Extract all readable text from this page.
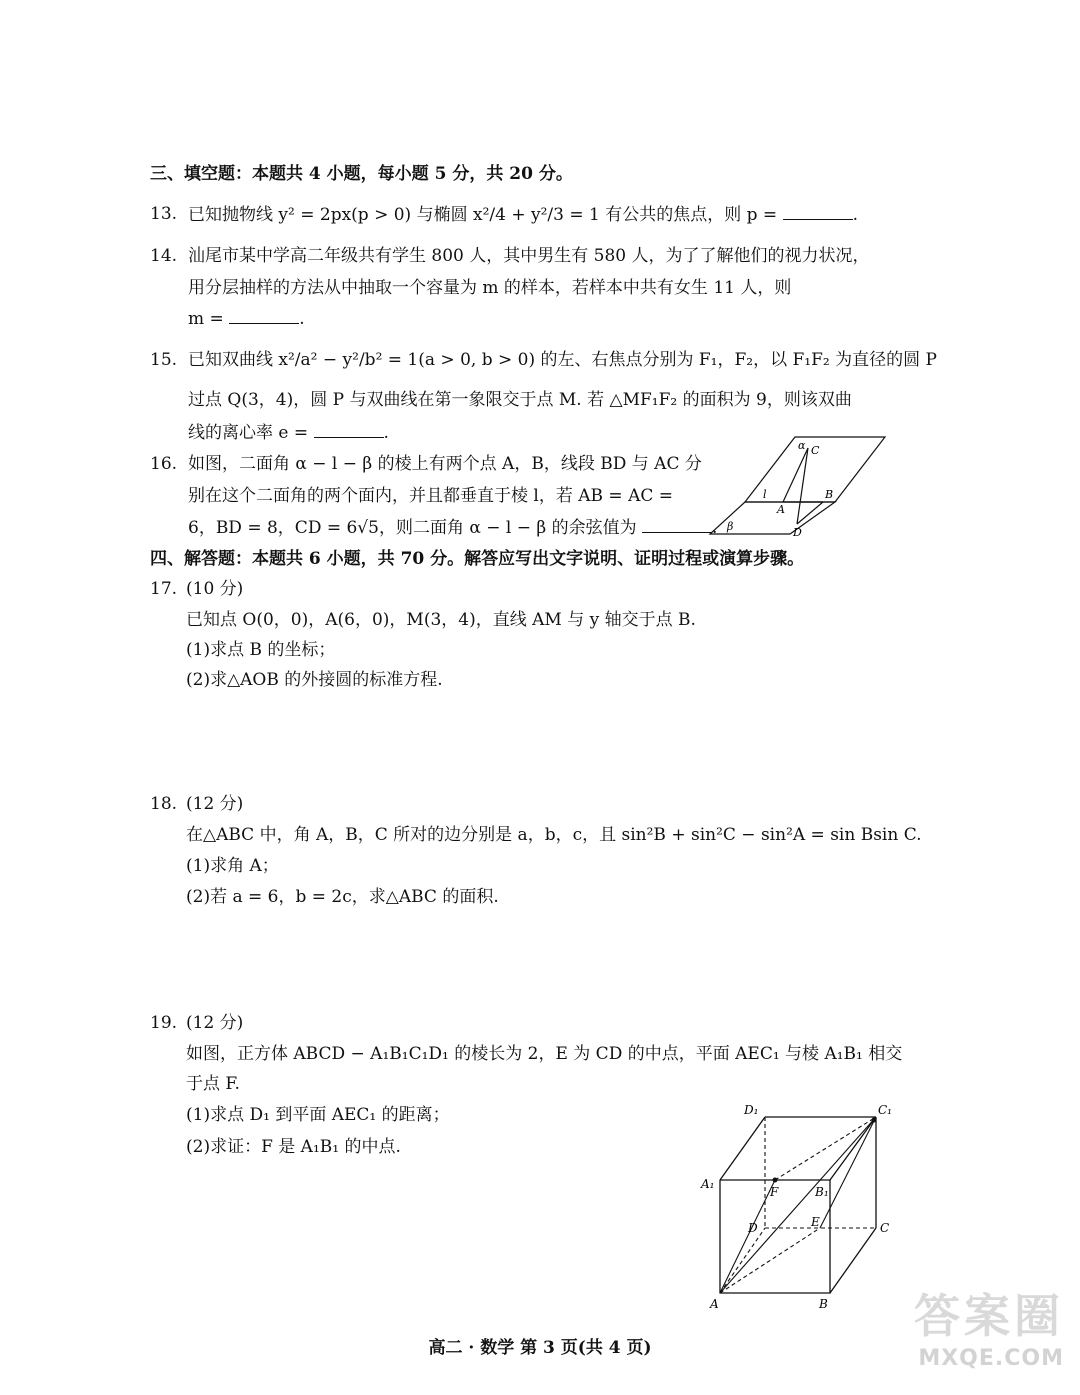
三、填空题：本题共 4 小题，每小题 5 分，共 20 分。
13. 已知抛物线 y² = 2px(p > 0) 与椭圆 x²/4 + y²/3 = 1 有公共的焦点，则 p =	.
14. 汕尾市某中学高二年级共有学生 800 人，其中男生有 580 人，为了了解他们的视力状况，
用分层抽样的方法从中抽取一个容量为 m 的样本，若样本中共有女生 11 人，则
m =	.
15. 已知双曲线 x²/a² − y²/b² = 1(a > 0, b > 0) 的左、右焦点分别为 F₁，F₂，以 F₁F₂ 为直径的圆 P
过点 Q(3，4)，圆 P 与双曲线在第一象限交于点 M. 若 △MF₁F₂ 的面积为 9，则该双曲
线的离心率 e =	.
16. 如图，二面角 α − l − β 的棱上有两个点 A，B，线段 BD 与 AC 分
别在这个二面角的两个面内，并且都垂直于棱 l，若 AB = AC =
6，BD = 8，CD = 6√5，则二面角 α − l − β 的余弦值为	.
α C
l	B
A
β	D
四、解答题：本题共 6 小题，共 70 分。解答应写出文字说明、证明过程或演算步骤。
17. (10 分)
已知点 O(0，0)，A(6，0)，M(3，4)，直线 AM 与 y 轴交于点 B.
(1)求点 B 的坐标；
(2)求△AOB 的外接圆的标准方程.
18. (12 分)
在△ABC 中，角 A，B，C 所对的边分别是 a，b，c，且 sin²B + sin²C − sin²A = sin Bsin C.
(1)求角 A；
(2)若 a = 6，b = 2c，求△ABC 的面积.
19. (12 分)
如图，正方体 ABCD − A₁B₁C₁D₁ 的棱长为 2，E 为 CD 的中点，平面 AEC₁ 与棱 A₁B₁ 相交
于点 F.
(1)求点 D₁ 到平面 AEC₁ 的距离；
(2)求证：F 是 A₁B₁ 的中点.
D₁	C₁
A₁
F	B₁
D	E	C
A	B
高二 · 数学 第 3 页(共 4 页)
答案圈
MXQE.COM
